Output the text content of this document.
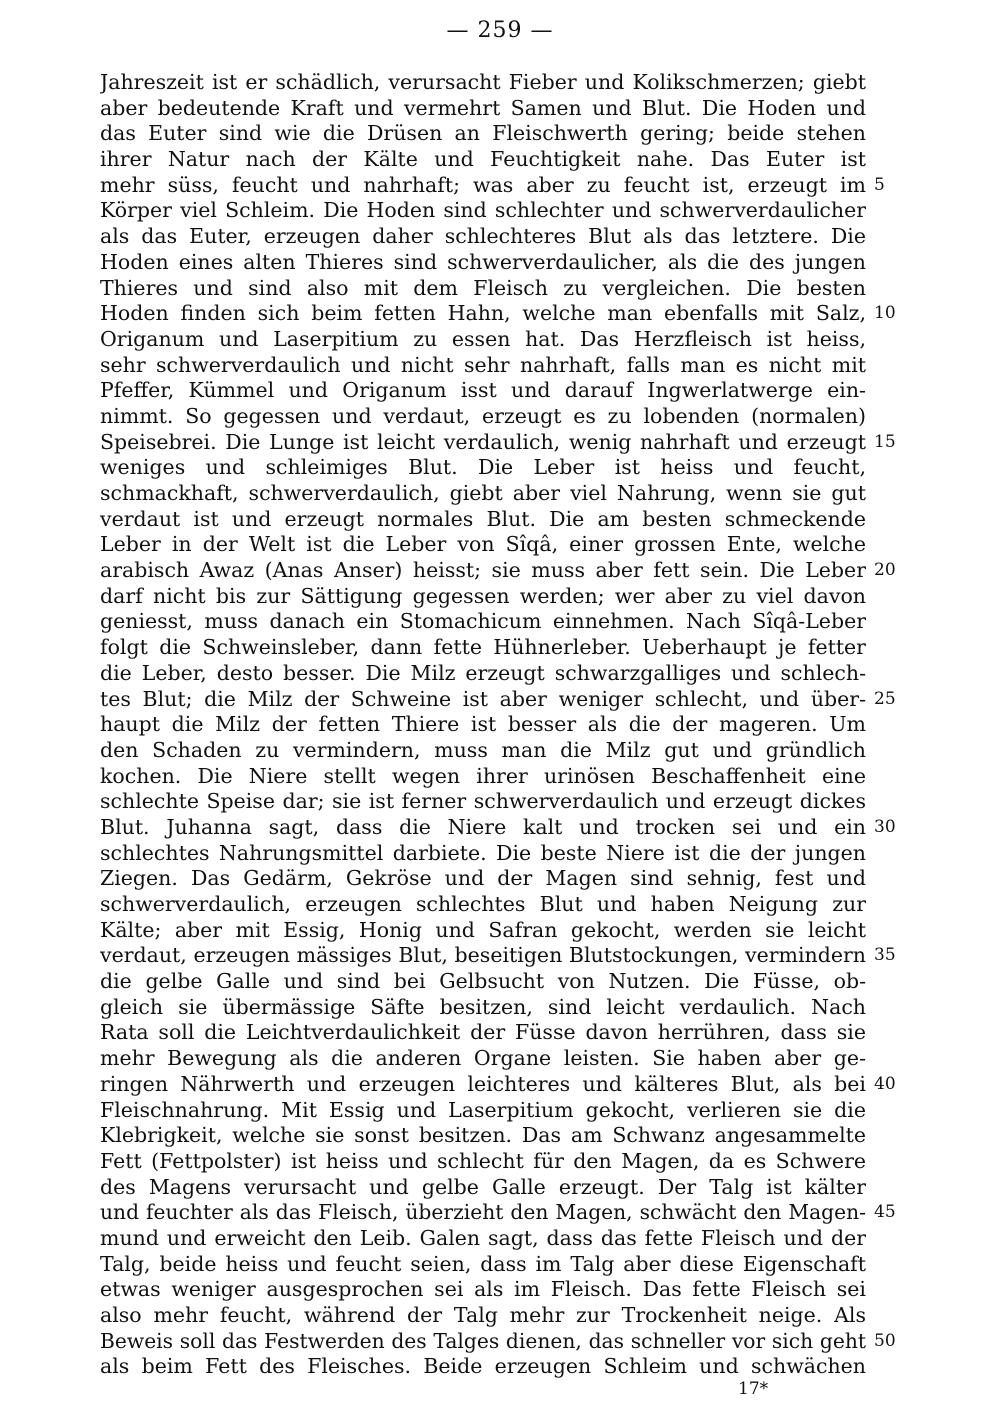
— 259 —
Jahreszeit ist er schädlich, verursacht Fieber und Kolikschmerzen; giebt
aber bedeutende Kraft und vermehrt Samen und Blut. Die Hoden und
das Euter sind wie die Drüsen an Fleischwerth gering; beide stehen
ihrer Natur nach der Kälte und Feuchtigkeit nahe. Das Euter ist
mehr süss, feucht und nahrhaft; was aber zu feucht ist, erzeugt im 5
Körper viel Schleim. Die Hoden sind schlechter und schwerverdaulicher
als das Euter, erzeugen daher schlechteres Blut als das letztere. Die
Hoden eines alten Thieres sind schwerverdaulicher, als die des jungen
Thieres und sind also mit dem Fleisch zu vergleichen. Die besten
Hoden finden sich beim fetten Hahn, welche man ebenfalls mit Salz, 10
Origanum und Laserpitium zu essen hat. Das Herzfleisch ist heiss,
sehr schwerverdaulich und nicht sehr nahrhaft, falls man es nicht mit
Pfeffer, Kümmel und Origanum isst und darauf Ingwerlatwerge ein-
nimmt. So gegessen und verdaut, erzeugt es zu lobenden (normalen)
Speisebrei. Die Lunge ist leicht verdaulich, wenig nahrhaft und erzeugt 15
weniges und schleimiges Blut. Die Leber ist heiss und feucht,
schmackhaft, schwerverdaulich, giebt aber viel Nahrung, wenn sie gut
verdaut ist und erzeugt normales Blut. Die am besten schmeckende
Leber in der Welt ist die Leber von Sîqâ, einer grossen Ente, welche
arabisch Awaz (Anas Anser) heisst; sie muss aber fett sein. Die Leber 20
darf nicht bis zur Sättigung gegessen werden; wer aber zu viel davon
geniesst, muss danach ein Stomachicum einnehmen. Nach Sîqâ-Leber
folgt die Schweinsleber, dann fette Hühnerleber. Ueberhaupt je fetter
die Leber, desto besser. Die Milz erzeugt schwarzgalliges und schlech-
tes Blut; die Milz der Schweine ist aber weniger schlecht, und über- 25
haupt die Milz der fetten Thiere ist besser als die der mageren. Um
den Schaden zu vermindern, muss man die Milz gut und gründlich
kochen. Die Niere stellt wegen ihrer urinösen Beschaffenheit eine
schlechte Speise dar; sie ist ferner schwerverdaulich und erzeugt dickes
Blut. Juhanna sagt, dass die Niere kalt und trocken sei und ein 30
schlechtes Nahrungsmittel darbiete. Die beste Niere ist die der jungen
Ziegen. Das Gedärm, Gekröse und der Magen sind sehnig, fest und
schwerverdaulich, erzeugen schlechtes Blut und haben Neigung zur
Kälte; aber mit Essig, Honig und Safran gekocht, werden sie leicht
verdaut, erzeugen mässiges Blut, beseitigen Blutstockungen, vermindern 35
die gelbe Galle und sind bei Gelbsucht von Nutzen. Die Füsse, ob-
gleich sie übermässige Säfte besitzen, sind leicht verdaulich. Nach
Rata soll die Leichtverdaulichkeit der Füsse davon herrühren, dass sie
mehr Bewegung als die anderen Organe leisten. Sie haben aber ge-
ringen Nährwerth und erzeugen leichteres und kälteres Blut, als bei 40
Fleischnahrung. Mit Essig und Laserpitium gekocht, verlieren sie die
Klebrigkeit, welche sie sonst besitzen. Das am Schwanz angesammelte
Fett (Fettpolster) ist heiss und schlecht für den Magen, da es Schwere
des Magens verursacht und gelbe Galle erzeugt. Der Talg ist kälter
und feuchter als das Fleisch, überzieht den Magen, schwächt den Magen- 45
mund und erweicht den Leib. Galen sagt, dass das fette Fleisch und der
Talg, beide heiss und feucht seien, dass im Talg aber diese Eigenschaft
etwas weniger ausgesprochen sei als im Fleisch. Das fette Fleisch sei
also mehr feucht, während der Talg mehr zur Trockenheit neige. Als
Beweis soll das Festwerden des Talges dienen, das schneller vor sich geht 50
als beim Fett des Fleisches. Beide erzeugen Schleim und schwächen
17*
